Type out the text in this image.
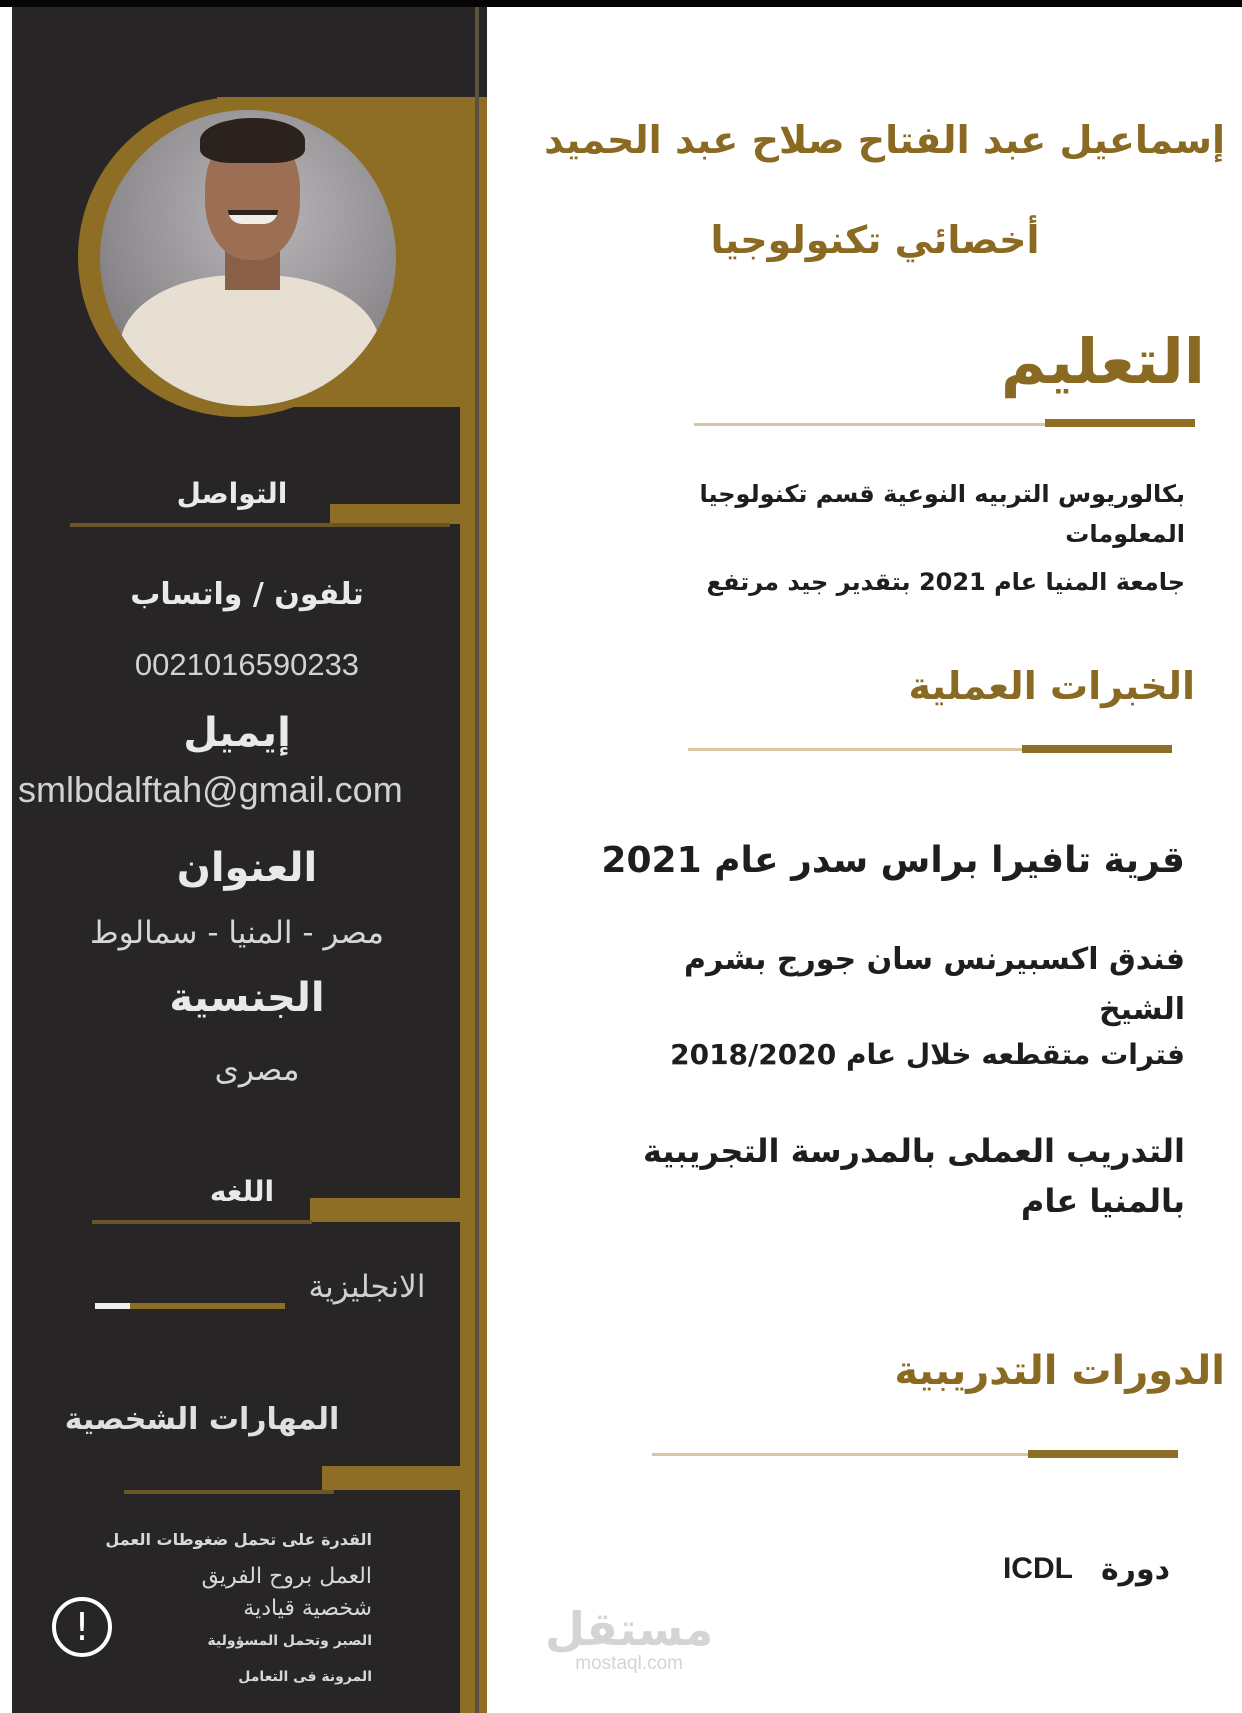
التواصل
تلفون / واتساب
0021016590233
إيميل
smlbdalftah@gmail.com
العنوان
مصر - المنيا - سمالوط
الجنسية
مصرى
اللغه
الانجليزية
المهارات الشخصية
القدرة على تحمل ضغوطات العمل
العمل بروح الفريق
شخصية قيادية
الصبر وتحمل المسؤولية
المرونة فى التعامل
إسماعيل عبد الفتاح صلاح عبد الحميد
أخصائي تكنولوجيا
التعليم
بكالوريوس التربيه النوعية قسم تكنولوجيا
المعلومات
جامعة المنيا عام 2021 بتقدير جيد مرتفع
الخبرات العملية
قرية تافيرا براس سدر عام 2021
فندق اكسبيرنس سان جورج بشرم
الشيخ
فترات متقطعه خلال عام 2018/2020
التدريب العملى بالمدرسة التجريبية
بالمنيا عام
الدورات التدريبية
دورة
ICDL
!	مستقل
mostaql.com
